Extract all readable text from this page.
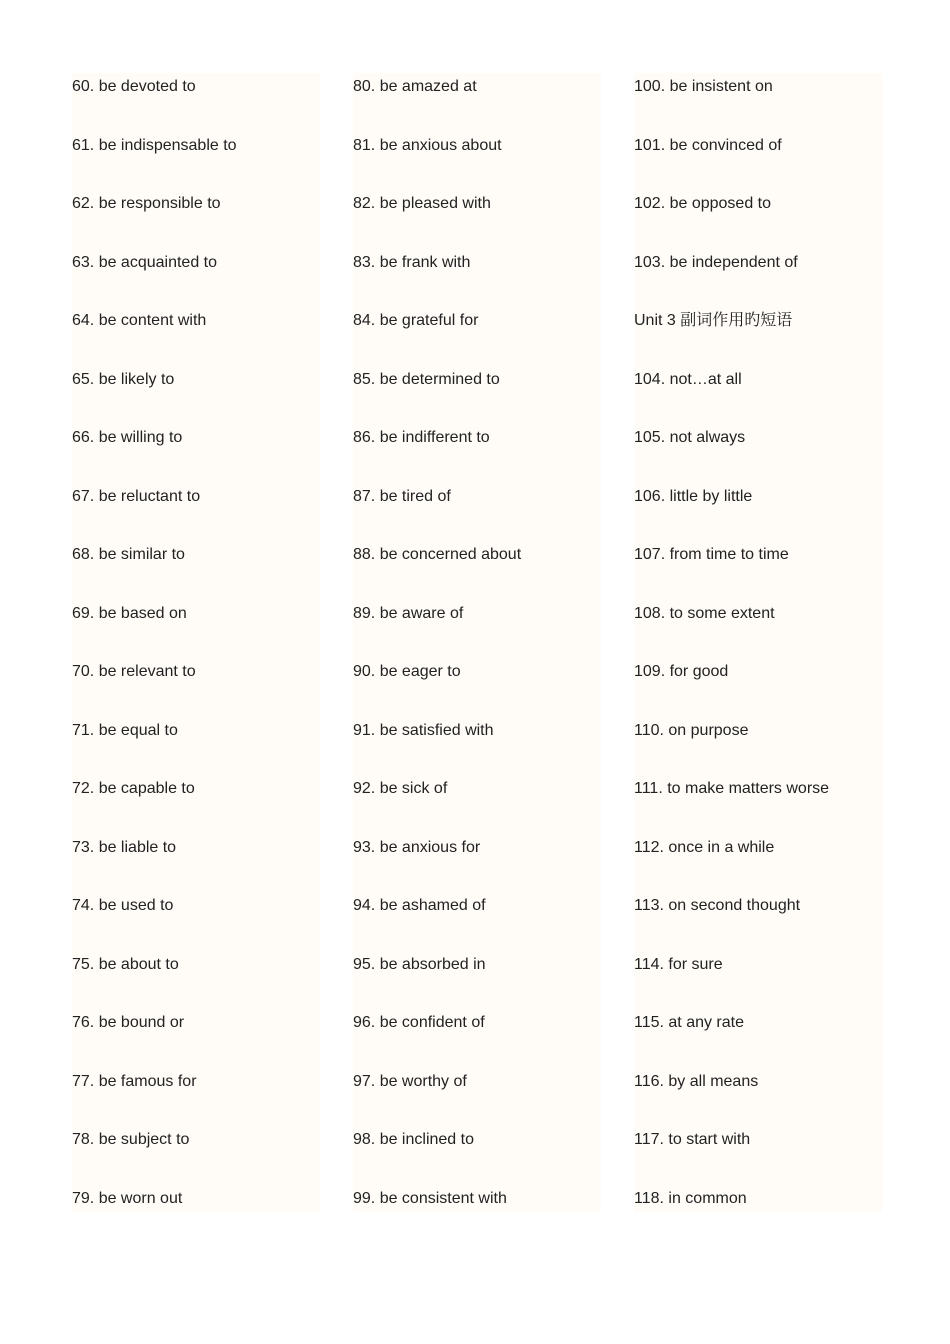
60. be devoted to
61. be indispensable to
62. be responsible to
63. be acquainted to
64. be content with
65. be likely to
66. be willing to
67. be reluctant to
68. be similar to
69. be based on
70. be relevant to
71. be equal to
72. be capable to
73. be liable to
74. be used to
75. be about to
76. be bound or
77. be famous for
78. be subject to
79. be worn out
80. be amazed at
81. be anxious about
82. be pleased with
83. be frank with
84. be grateful for
85. be determined to
86. be indifferent to
87. be tired of
88. be concerned about
89. be aware of
90. be eager to
91. be satisfied with
92. be sick of
93. be anxious for
94. be ashamed of
95. be absorbed in
96. be confident of
97. be worthy of
98. be inclined to
99. be consistent with
100. be insistent on
101. be convinced of
102. be opposed to
103. be independent of
Unit 3 副词作用旳短语
104. not…at all
105. not always
106. little by little
107. from time to time
108. to some extent
109. for good
110. on purpose
111. to make matters worse
112. once in a while
113. on second thought
114. for sure
115. at any rate
116. by all means
117. to start with
118. in common
